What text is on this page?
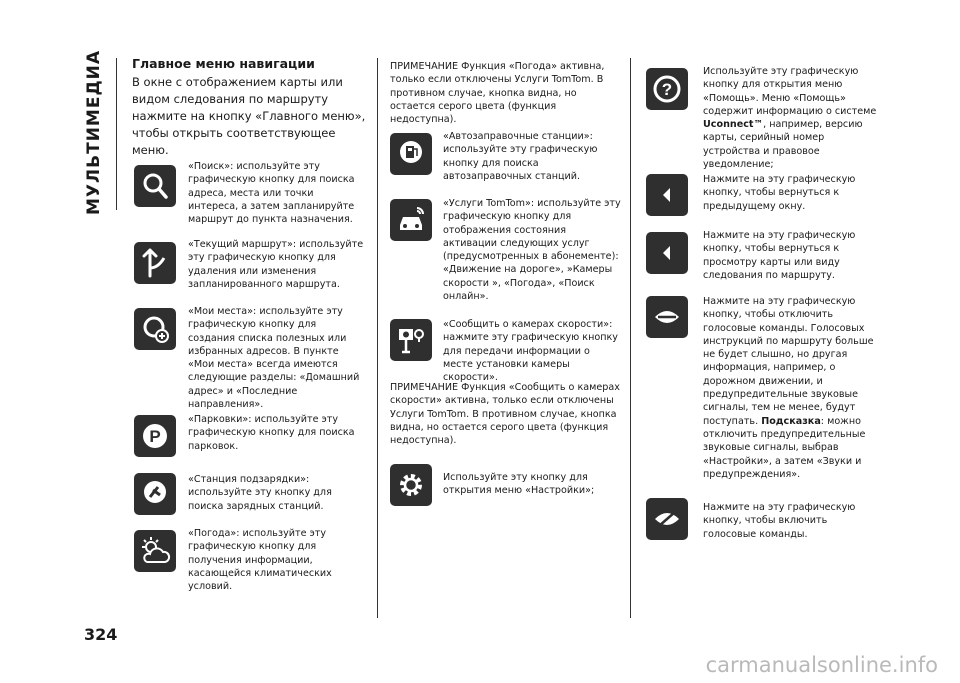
МУЛЬТИМЕДИА
324
Главное меню навигации
В окне с отображением карты или видом следования по маршруту нажмите на кнопку «Главного меню», чтобы открыть соответствующее меню.
«Поиск»: используйте эту графическую кнопку для поиска адреса, места или точки интереса, а затем запланируйте маршрут до пункта назначения.
«Текущий маршрут»: используйте эту графическую кнопку для удаления или изменения запланированного маршрута.
«Мои места»: используйте эту графическую кнопку для создания списка полезных или избранных адресов. В пункте «Мои места» всегда имеются следующие разделы: «Домашний адрес» и «Последние направления».
P
«Парковки»: используйте эту графическую кнопку для поиска парковок.
«Станция подзарядки»: используйте эту кнопку для поиска зарядных станций.
«Погода»: используйте эту графическую кнопку для получения информации, касающейся климатических условий.
ПРИМЕЧАНИЕ Функция «Погода» активна, только если отключены Услуги TomTom. В противном случае, кнопка видна, но остается серого цвета (функция недоступна).
«Автозаправочные станции»: используйте эту графическую кнопку для поиска автозаправочных станций.
«Услуги TomTom»: используйте эту графическую кнопку для отображения состояния активации следующих услуг (предусмотренных в абонементе): «Движение на дороге», »Камеры скорости », «Погода», «Поиск онлайн».
«Сообщить о камерах скорости»: нажмите эту графическую кнопку для передачи информации о месте установки камеры скорости».
ПРИМЕЧАНИЕ Функция «Сообщить о камерах скорости» активна, только если отключены Услуги TomTom. В противном случае, кнопка видна, но остается серого цвета (функция недоступна).
Используйте эту кнопку для открытия меню «Настройки»;
?
Используйте эту графическую кнопку для открытия меню «Помощь». Меню «Помощь» содержит информацию о системе Uconnect™, например, версию карты, серийный номер устройства и правовое уведомление;
Нажмите на эту графическую кнопку, чтобы вернуться к предыдущему окну.
Нажмите на эту графическую кнопку, чтобы вернуться к просмотру карты или виду следования по маршруту.
Нажмите на эту графическую кнопку, чтобы отключить голосовые команды. Голосовых инструкций по маршруту больше не будет слышно, но другая информация, например, о дорожном движении, и предупредительные звуковые сигналы, тем не менее, будут поступать. Подсказка: можно отключить предупредительные звуковые сигналы, выбрав «Настройки», а затем «Звуки и предупреждения».
Нажмите на эту графическую кнопку, чтобы включить голосовые команды.
carmanualsonline.info
